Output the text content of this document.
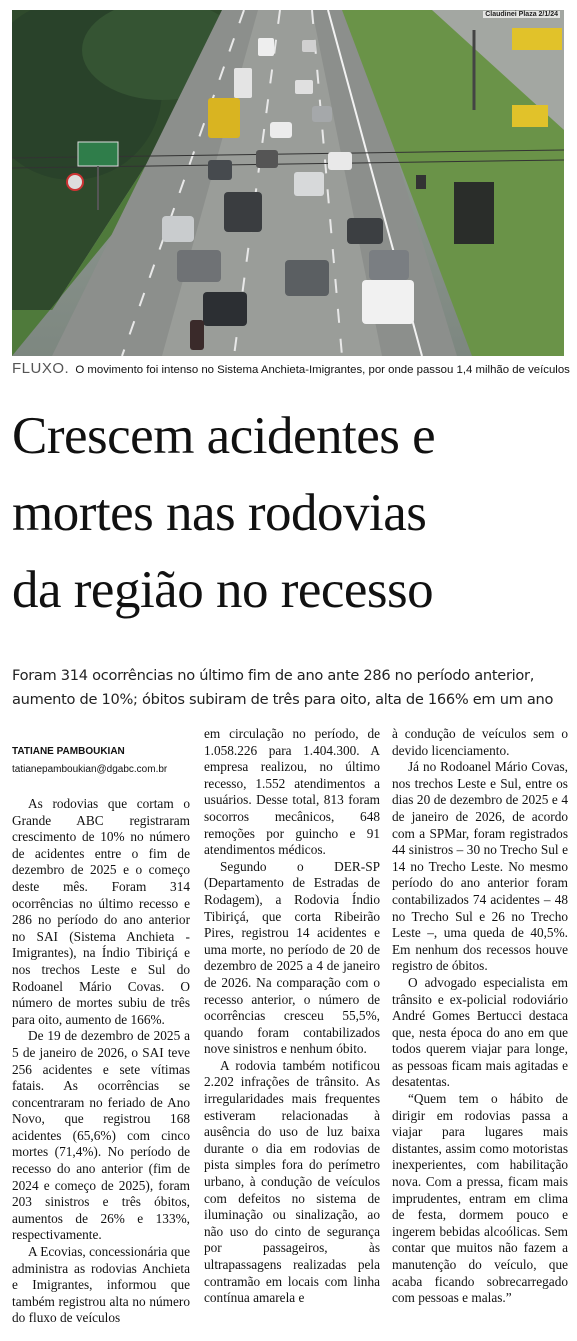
Claudinei Plaza 2/1/24
FLUXO. O movimento foi intenso no Sistema Anchieta-Imigrantes, por onde passou 1,4 milhão de veículos
Crescem acidentes e
mortes nas rodovias
da região no recesso
Foram 314 ocorrências no último fim de ano ante 286 no período anterior,
aumento de 10%; óbitos subiram de três para oito, alta de 166% em um ano
TATIANE PAMBOUKIAN
tatianepamboukian@dgabc.com.br

As rodovias que cortam o Grande ABC registraram crescimento de 10% no número de acidentes entre o fim de dezembro de 2025 e o começo deste mês. Foram 314 ocorrências no último recesso e 286 no período do ano anterior no SAI (Sistema Anchieta - Imigrantes), na Índio Tibiriçá e nos trechos Leste e Sul do Rodoanel Mário Covas. O número de mortes subiu de três para oito, aumento de 166%.

De 19 de dezembro de 2025 a 5 de janeiro de 2026, o SAI teve 256 acidentes e sete vítimas fatais. As ocorrências se concentraram no feriado de Ano Novo, que registrou 168 acidentes (65,6%) com cinco mortes (71,4%). No período de recesso do ano anterior (fim de 2024 e começo de 2025), foram 203 sinistros e três óbitos, aumentos de 26% e 133%, respectivamente.

A Ecovias, concessionária que administra as rodovias Anchieta e Imigrantes, informou que também registrou alta no número do fluxo de veículos

em circulação no período, de 1.058.226 para 1.404.300. A empresa realizou, no último recesso, 1.552 atendimentos a usuários. Desse total, 813 foram socorros mecânicos, 648 remoções por guincho e 91 atendimentos médicos.

Segundo o DER-SP (Departamento de Estradas de Rodagem), a Rodovia Índio Tibiriçá, que corta Ribeirão Pires, registrou 14 acidentes e uma morte, no período de 20 de dezembro de 2025 a 4 de janeiro de 2026. Na comparação com o recesso anterior, o número de ocorrências cresceu 55,5%, quando foram contabilizados nove sinistros e nenhum óbito.

A rodovia também notificou 2.202 infrações de trânsito. As irregularidades mais frequentes estiveram relacionadas à ausência do uso de luz baixa durante o dia em rodovias de pista simples fora do perímetro urbano, à condução de veículos com defeitos no sistema de iluminação ou sinalização, ao não uso do cinto de segurança por passageiros, às ultrapassagens realizadas pela contramão em locais com linha contínua amarela e

à condução de veículos sem o devido licenciamento.

Já no Rodoanel Mário Covas, nos trechos Leste e Sul, entre os dias 20 de dezembro de 2025 e 4 de janeiro de 2026, de acordo com a SPMar, foram registrados 44 sinistros – 30 no Trecho Sul e 14 no Trecho Leste. No mesmo período do ano anterior foram contabilizados 74 acidentes – 48 no Trecho Sul e 26 no Trecho Leste –, uma queda de 40,5%. Em nenhum dos recessos houve registro de óbitos.

O advogado especialista em trânsito e ex-policial rodoviário André Gomes Bertucci destaca que, nesta época do ano em que todos querem viajar para longe, as pessoas ficam mais agitadas e desatentas.

“Quem tem o hábito de dirigir em rodovias passa a viajar para lugares mais distantes, assim como motoristas inexperientes, com habilitação nova. Com a pressa, ficam mais imprudentes, entram em clima de festa, dormem pouco e ingerem bebidas alcoólicas. Sem contar que muitos não fazem a manutenção do veículo, que acaba ficando sobrecarregado com pessoas e malas.”
